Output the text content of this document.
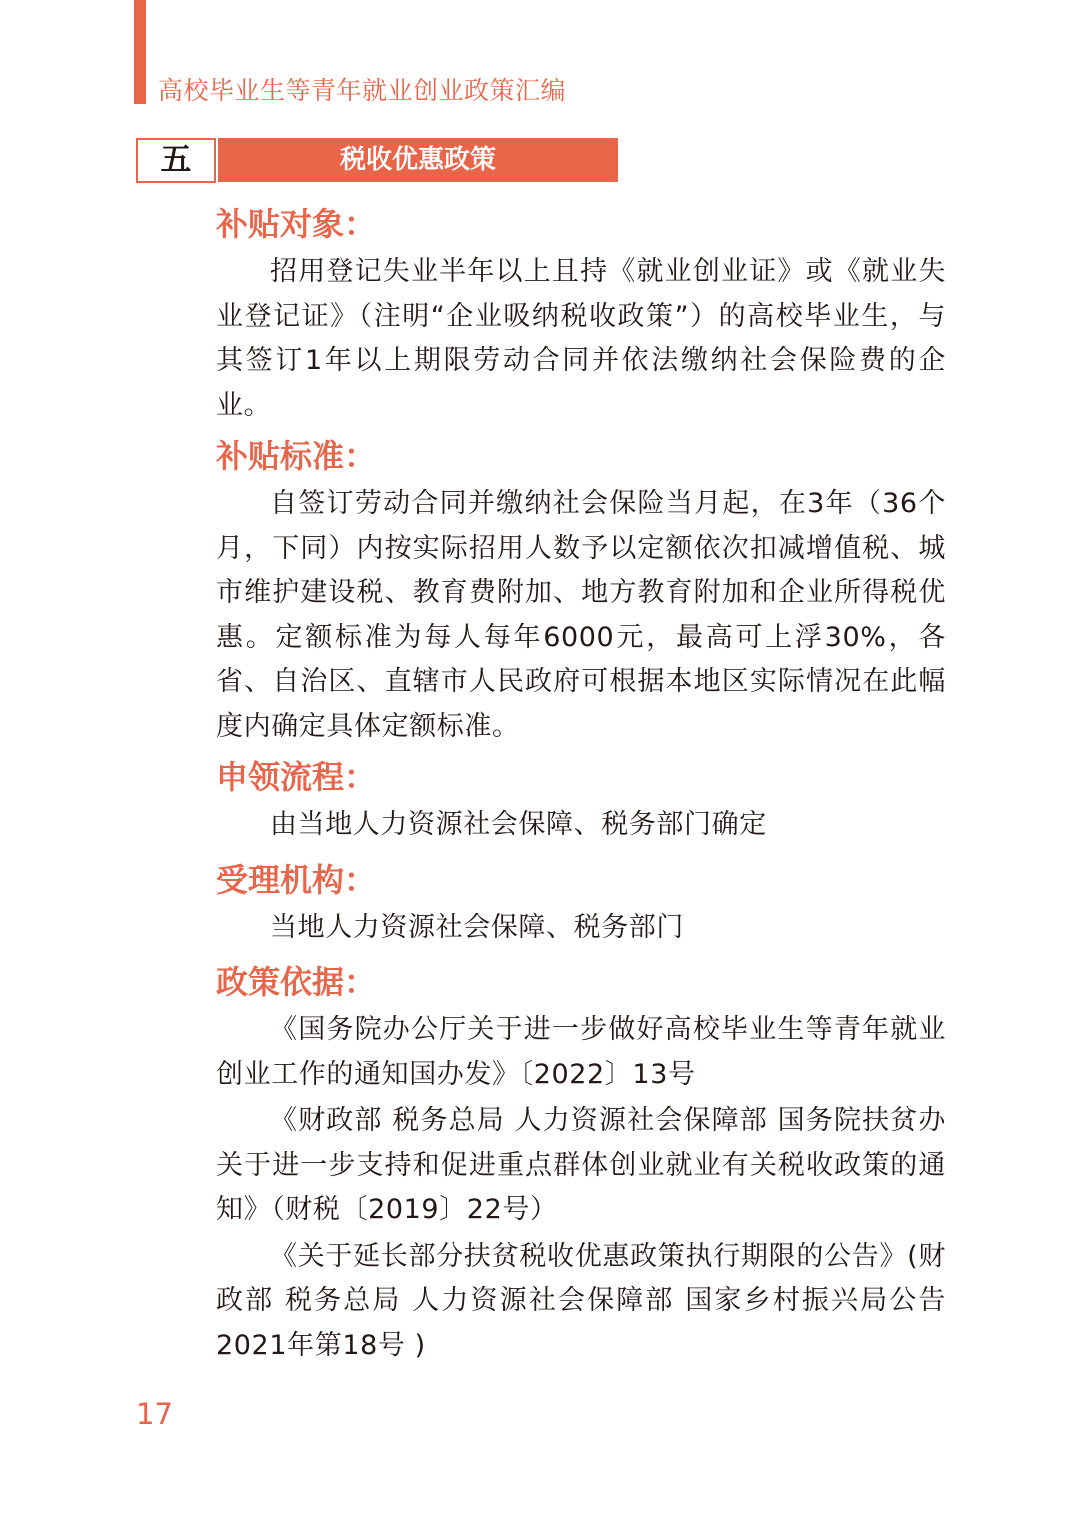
高校毕业生等青年就业创业政策汇编
五	税收优惠政策
补贴对象：

招用登记失业半年以上且持《就业创业证》或《就业失业登记证》（注明“企业吸纳税收政策”）的高校毕业生，与其签订1年以上期限劳动合同并依法缴纳社会保险费的企业。

补贴标准：

自签订劳动合同并缴纳社会保险当月起，在3年（36个月，下同）内按实际招用人数予以定额依次扣减增值税、城市维护建设税、教育费附加、地方教育附加和企业所得税优惠。定额标准为每人每年6000元，最高可上浮30%，各省、自治区、直辖市人民政府可根据本地区实际情况在此幅度内确定具体定额标准。

申领流程：

由当地人力资源社会保障、税务部门确定

受理机构：

当地人力资源社会保障、税务部门

政策依据：

《国务院办公厅关于进一步做好高校毕业生等青年就业创业工作的通知国办发》〔2022〕13号

《财政部 税务总局 人力资源社会保障部 国务院扶贫办关于进一步支持和促进重点群体创业就业有关税收政策的通知》（财税〔2019〕22号）

《关于延长部分扶贫税收优惠政策执行期限的公告》(财政部 税务总局 人力资源社会保障部 国家乡村振兴局公告2021年第18号 )

17
